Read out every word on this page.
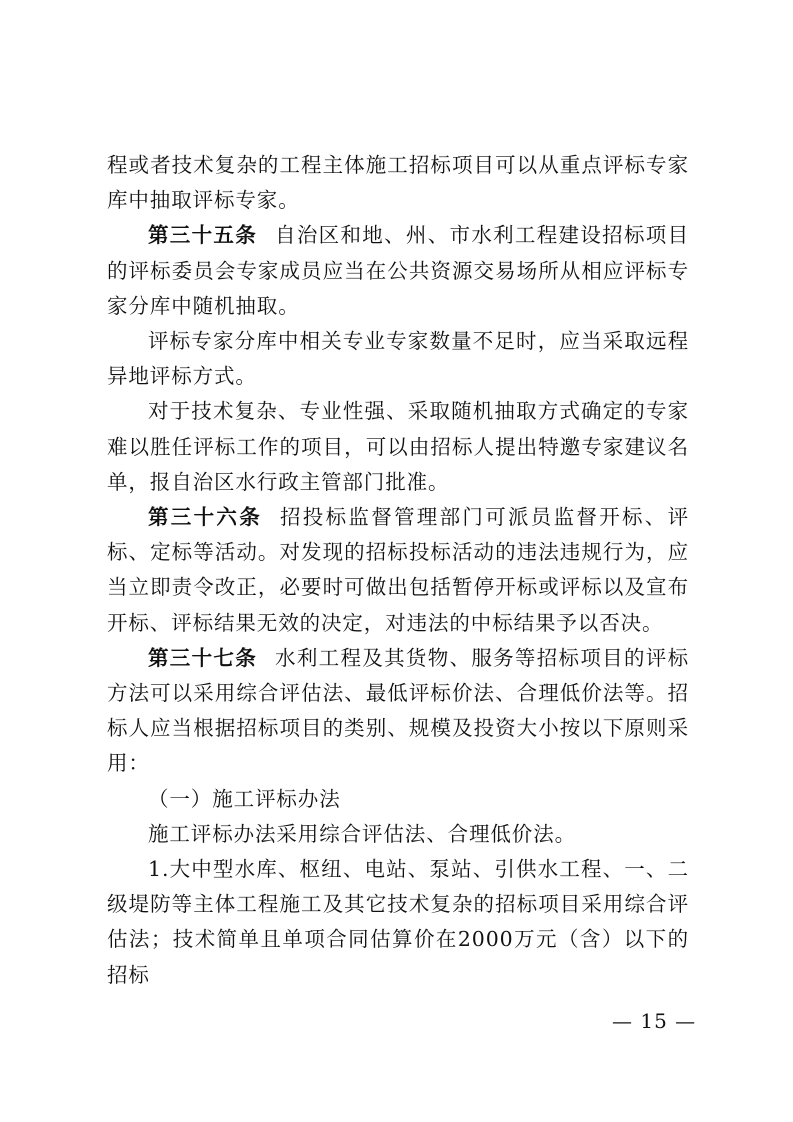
程或者技术复杂的工程主体施工招标项目可以从重点评标专家库中抽取评标专家。

第三十五条 自治区和地、州、市水利工程建设招标项目的评标委员会专家成员应当在公共资源交易场所从相应评标专家分库中随机抽取。

评标专家分库中相关专业专家数量不足时，应当采取远程异地评标方式。

对于技术复杂、专业性强、采取随机抽取方式确定的专家难以胜任评标工作的项目，可以由招标人提出特邀专家建议名单，报自治区水行政主管部门批准。

第三十六条 招投标监督管理部门可派员监督开标、评标、定标等活动。对发现的招标投标活动的违法违规行为，应当立即责令改正，必要时可做出包括暂停开标或评标以及宣布开标、评标结果无效的决定，对违法的中标结果予以否决。

第三十七条 水利工程及其货物、服务等招标项目的评标方法可以采用综合评估法、最低评标价法、合理低价法等。招标人应当根据招标项目的类别、规模及投资大小按以下原则采用：

（一）施工评标办法

施工评标办法采用综合评估法、合理低价法。

1.大中型水库、枢纽、电站、泵站、引供水工程、一、二级堤防等主体工程施工及其它技术复杂的招标项目采用综合评估法；技术简单且单项合同估算价在2000万元（含）以下的招标

— 15 —
